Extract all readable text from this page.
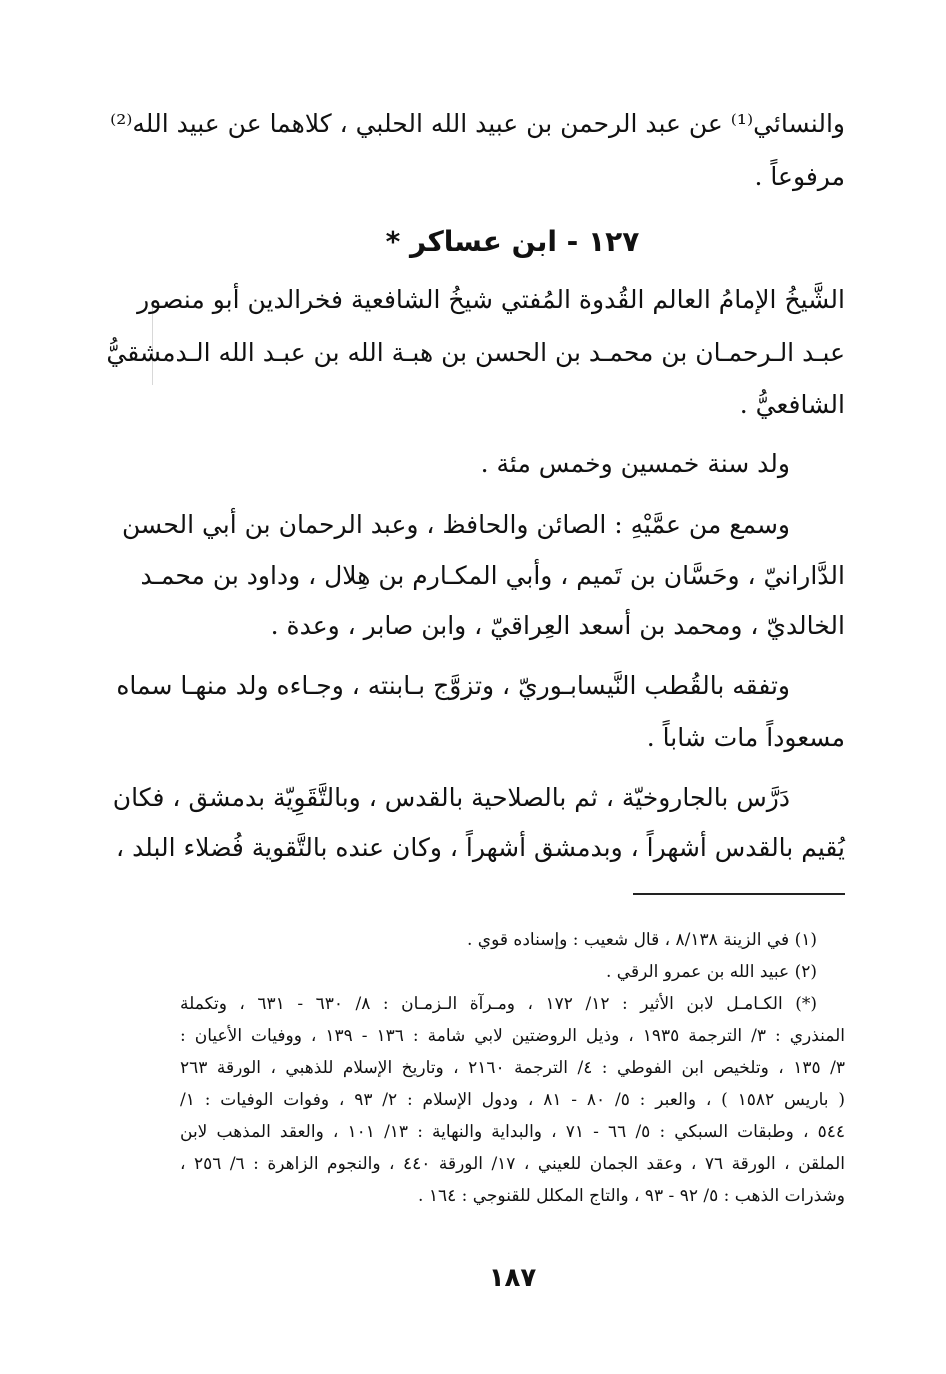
والنسائي⁽¹⁾ عن عبد الرحمن بن عبيد الله الحلبي ، كلاهما عن عبيد الله⁽²⁾
مرفوعاً .
١٢٧ - ابن عساكر *
الشَّيخُ الإمامُ العالم القُدوة المُفتي شيخُ الشافعية فخرالدين أبو منصور
عبـد الـرحمـان بن محمـد بن الحسن بن هبـة الله بن عبـد الله الـدمشقيُّ
الشافعيُّ .
ولد سنة خمسين وخمس مئة .
وسمع من عمَّيْهِ : الصائن والحافظ ، وعبد الرحمان بن أبي الحسن
الدَّارانيّ ، وحَسَّان بن تَميم ، وأبي المكـارم بن هِلال ، وداود بن محمـد
الخالديّ ، ومحمد بن أسعد العِراقيّ ، وابن صابر ، وعدة .
وتفقه بالقُطب النَّيسابـوريّ ، وتزوَّج بـابنته ، وجـاءه ولد منهـا سماه
مسعوداً مات شاباً .
دَرَّس بالجاروخيّة ، ثم بالصلاحية بالقدس ، وبالتَّقَوِيّة بدمشق ، فكان
يُقيم بالقدس أشهراً ، وبدمشق أشهراً ، وكان عنده بالتَّقوية فُضلاء البلد ،
(١) في الزينة ٨/١٣٨ ، قال شعيب : وإسناده قوي .
(٢) عبيد الله بن عمرو الرقي .
(*) الكـامـل لابن الأثير : ١٢/ ١٧٢ ، ومـرآة الـزمـان : ٨/ ٦٣٠ - ٦٣١ ، وتكملة
المنذري : ٣/ الترجمة ١٩٣٥ ، وذيل الروضتين لابي شامة : ١٣٦ - ١٣٩ ، ووفيات الأعيان :
٣/ ١٣٥ ، وتلخيص ابن الفوطي : ٤/ الترجمة ٢١٦٠ ، وتاريخ الإسلام للذهبي ، الورقة ٢٦٣
( باريس ١٥٨٢ ) ، والعبر : ٥/ ٨٠ - ٨١ ، ودول الإسلام : ٢/ ٩٣ ، وفوات الوفيات : ١/
٥٤٤ ، وطبقات السبكي : ٥/ ٦٦ - ٧١ ، والبداية والنهاية : ١٣/ ١٠١ ، والعقد المذهب لابن
الملقن ، الورقة ٧٦ ، وعقد الجمان للعيني ، ١٧/ الورقة ٤٤٠ ، والنجوم الزاهرة : ٦/ ٢٥٦ ،
وشذرات الذهب : ٥/ ٩٢ - ٩٣ ، والتاج المكلل للقنوجي : ١٦٤ .
١٨٧
